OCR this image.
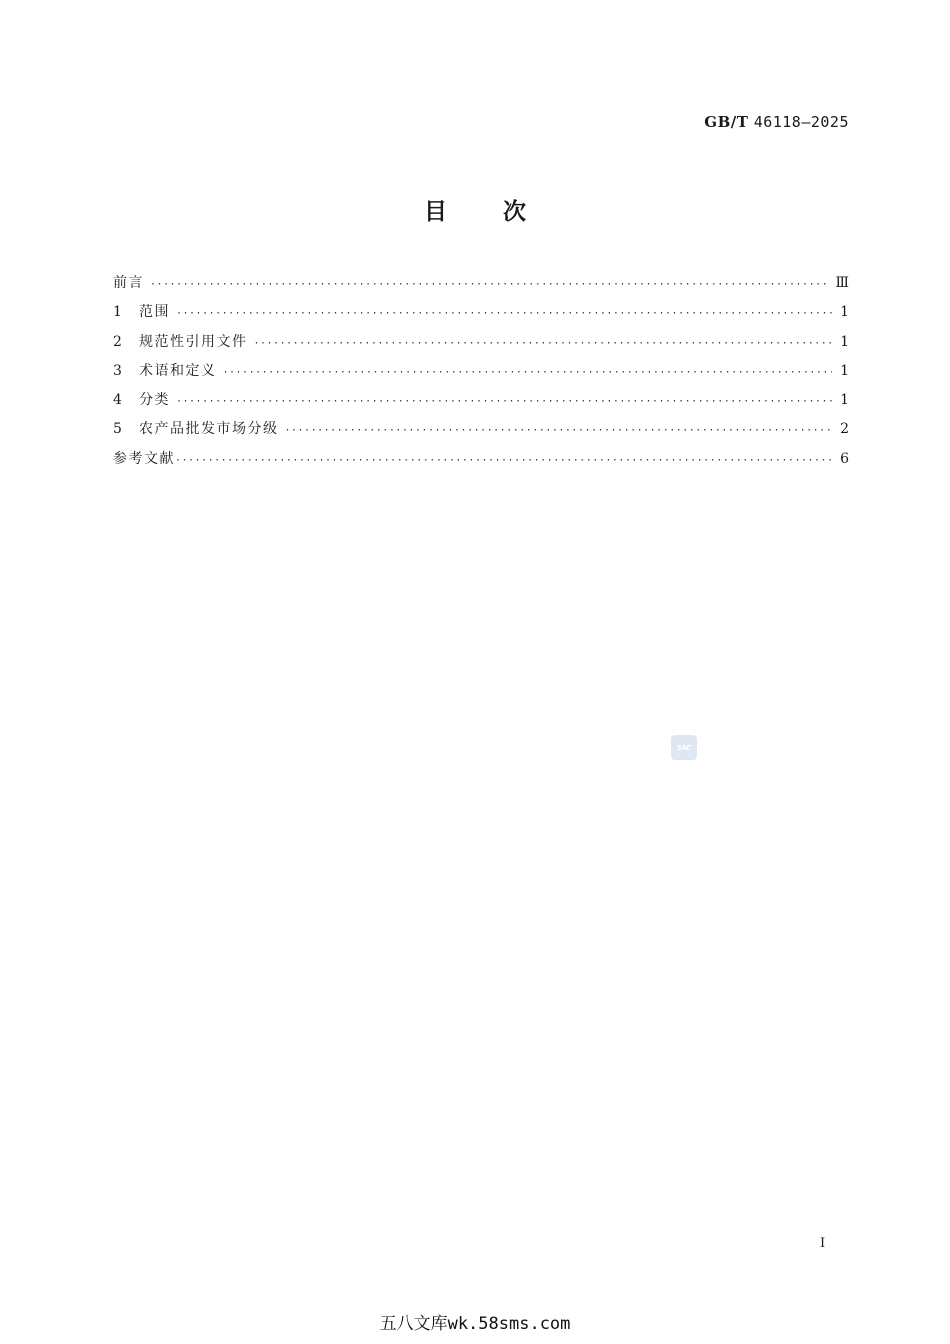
GB/T 46118—2025
目次
前言 ·····	Ⅲ
1	范围 ·····	1
2	规范性引用文件 ·····	1
3	术语和定义 ·····	1
4	分类 ·····	1
5	农产品批发市场分级 ·····	2
参考文献 ·····	6
SAC
I
五八文库wk.58sms.com
